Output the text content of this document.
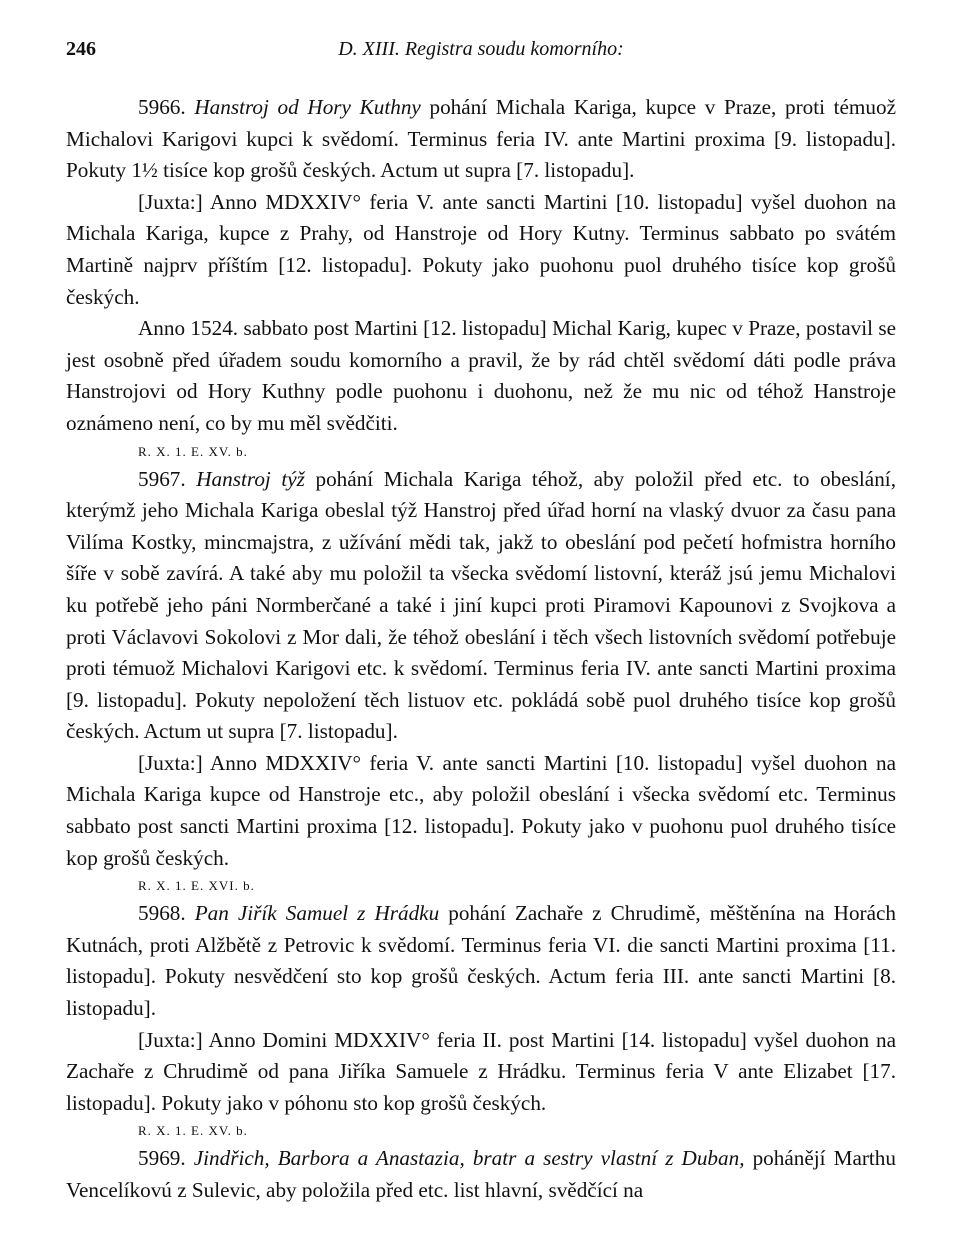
246	D. XIII. Registra soudu komorního:

5966. Hanstroj od Hory Kuthny pohání Michala Kariga, kupce v Praze, proti témuož Michalovi Karigovi kupci k svědomí. Terminus feria IV. ante Martini proxima [9. listopadu]. Pokuty 1½ tisíce kop grošů českých. Actum ut supra [7. listopadu].

[Juxta:] Anno MDXXIV° feria V. ante sancti Martini [10. listopadu] vyšel duohon na Michala Kariga, kupce z Prahy, od Hanstroje od Hory Kutny. Terminus sabbato po svátém Martině najprv příštím [12. listopadu]. Pokuty jako puohonu puol druhého tisíce kop grošů českých.

Anno 1524. sabbato post Martini [12. listopadu] Michal Karig, kupec v Praze, postavil se jest osobně před úřadem soudu komorního a pravil, že by rád chtěl svědomí dáti podle práva Hanstrojovi od Hory Kuthny podle puohonu i duohonu, než že mu nic od téhož Hanstroje oznámeno není, co by mu měl svědčiti.

R. X. 1. E. XV. b.

5967. Hanstroj týž pohání Michala Kariga téhož, aby položil před etc. to obeslání, kterýmž jeho Michala Kariga obeslal týž Hanstroj před úřad horní na vlaský dvuor za času pana Vilíma Kostky, mincmajstra, z užívání mědi tak, jakž to obeslání pod pečetí hofmistra horního šíře v sobě zavírá. A také aby mu položil ta všecka svědomí listovní, kteráž jsú jemu Michalovi ku potřebě jeho páni Normberčané a také i jiní kupci proti Piramovi Kapounovi z Svojkova a proti Václavovi Sokolovi z Mor dali, že téhož obeslání i těch všech listovních svědomí potřebuje proti témuož Michalovi Karigovi etc. k svědomí. Terminus feria IV. ante sancti Martini proxima [9. listopadu]. Pokuty nepoložení těch listuov etc. pokládá sobě puol druhého tisíce kop grošů českých. Actum ut supra [7. listopadu].

[Juxta:] Anno MDXXIV° feria V. ante sancti Martini [10. listopadu] vyšel duohon na Michala Kariga kupce od Hanstroje etc., aby položil obeslání i všecka svědomí etc. Terminus sabbato post sancti Martini proxima [12. listopadu]. Pokuty jako v puohonu puol druhého tisíce kop grošů českých.

R. X. 1. E. XVI. b.

5968. Pan Jiřík Samuel z Hrádku pohání Zachaře z Chrudimě, měštěnína na Horách Kutnách, proti Alžbětě z Petrovic k svědomí. Terminus feria VI. die sancti Martini proxima [11. listopadu]. Pokuty nesvědčení sto kop grošů českých. Actum feria III. ante sancti Martini [8. listopadu].

[Juxta:] Anno Domini MDXXIV° feria II. post Martini [14. listopadu] vyšel duohon na Zachaře z Chrudimě od pana Jiříka Samuele z Hrádku. Terminus feria V ante Elizabet [17. listopadu]. Pokuty jako v póhonu sto kop grošů českých.

R. X. 1. E. XV. b.

5969. Jindřich, Barbora a Anastazia, bratr a sestry vlastní z Duban, pohánějí Marthu Vencelíkovú z Sulevic, aby položila před etc. list hlavní, svědčící na
